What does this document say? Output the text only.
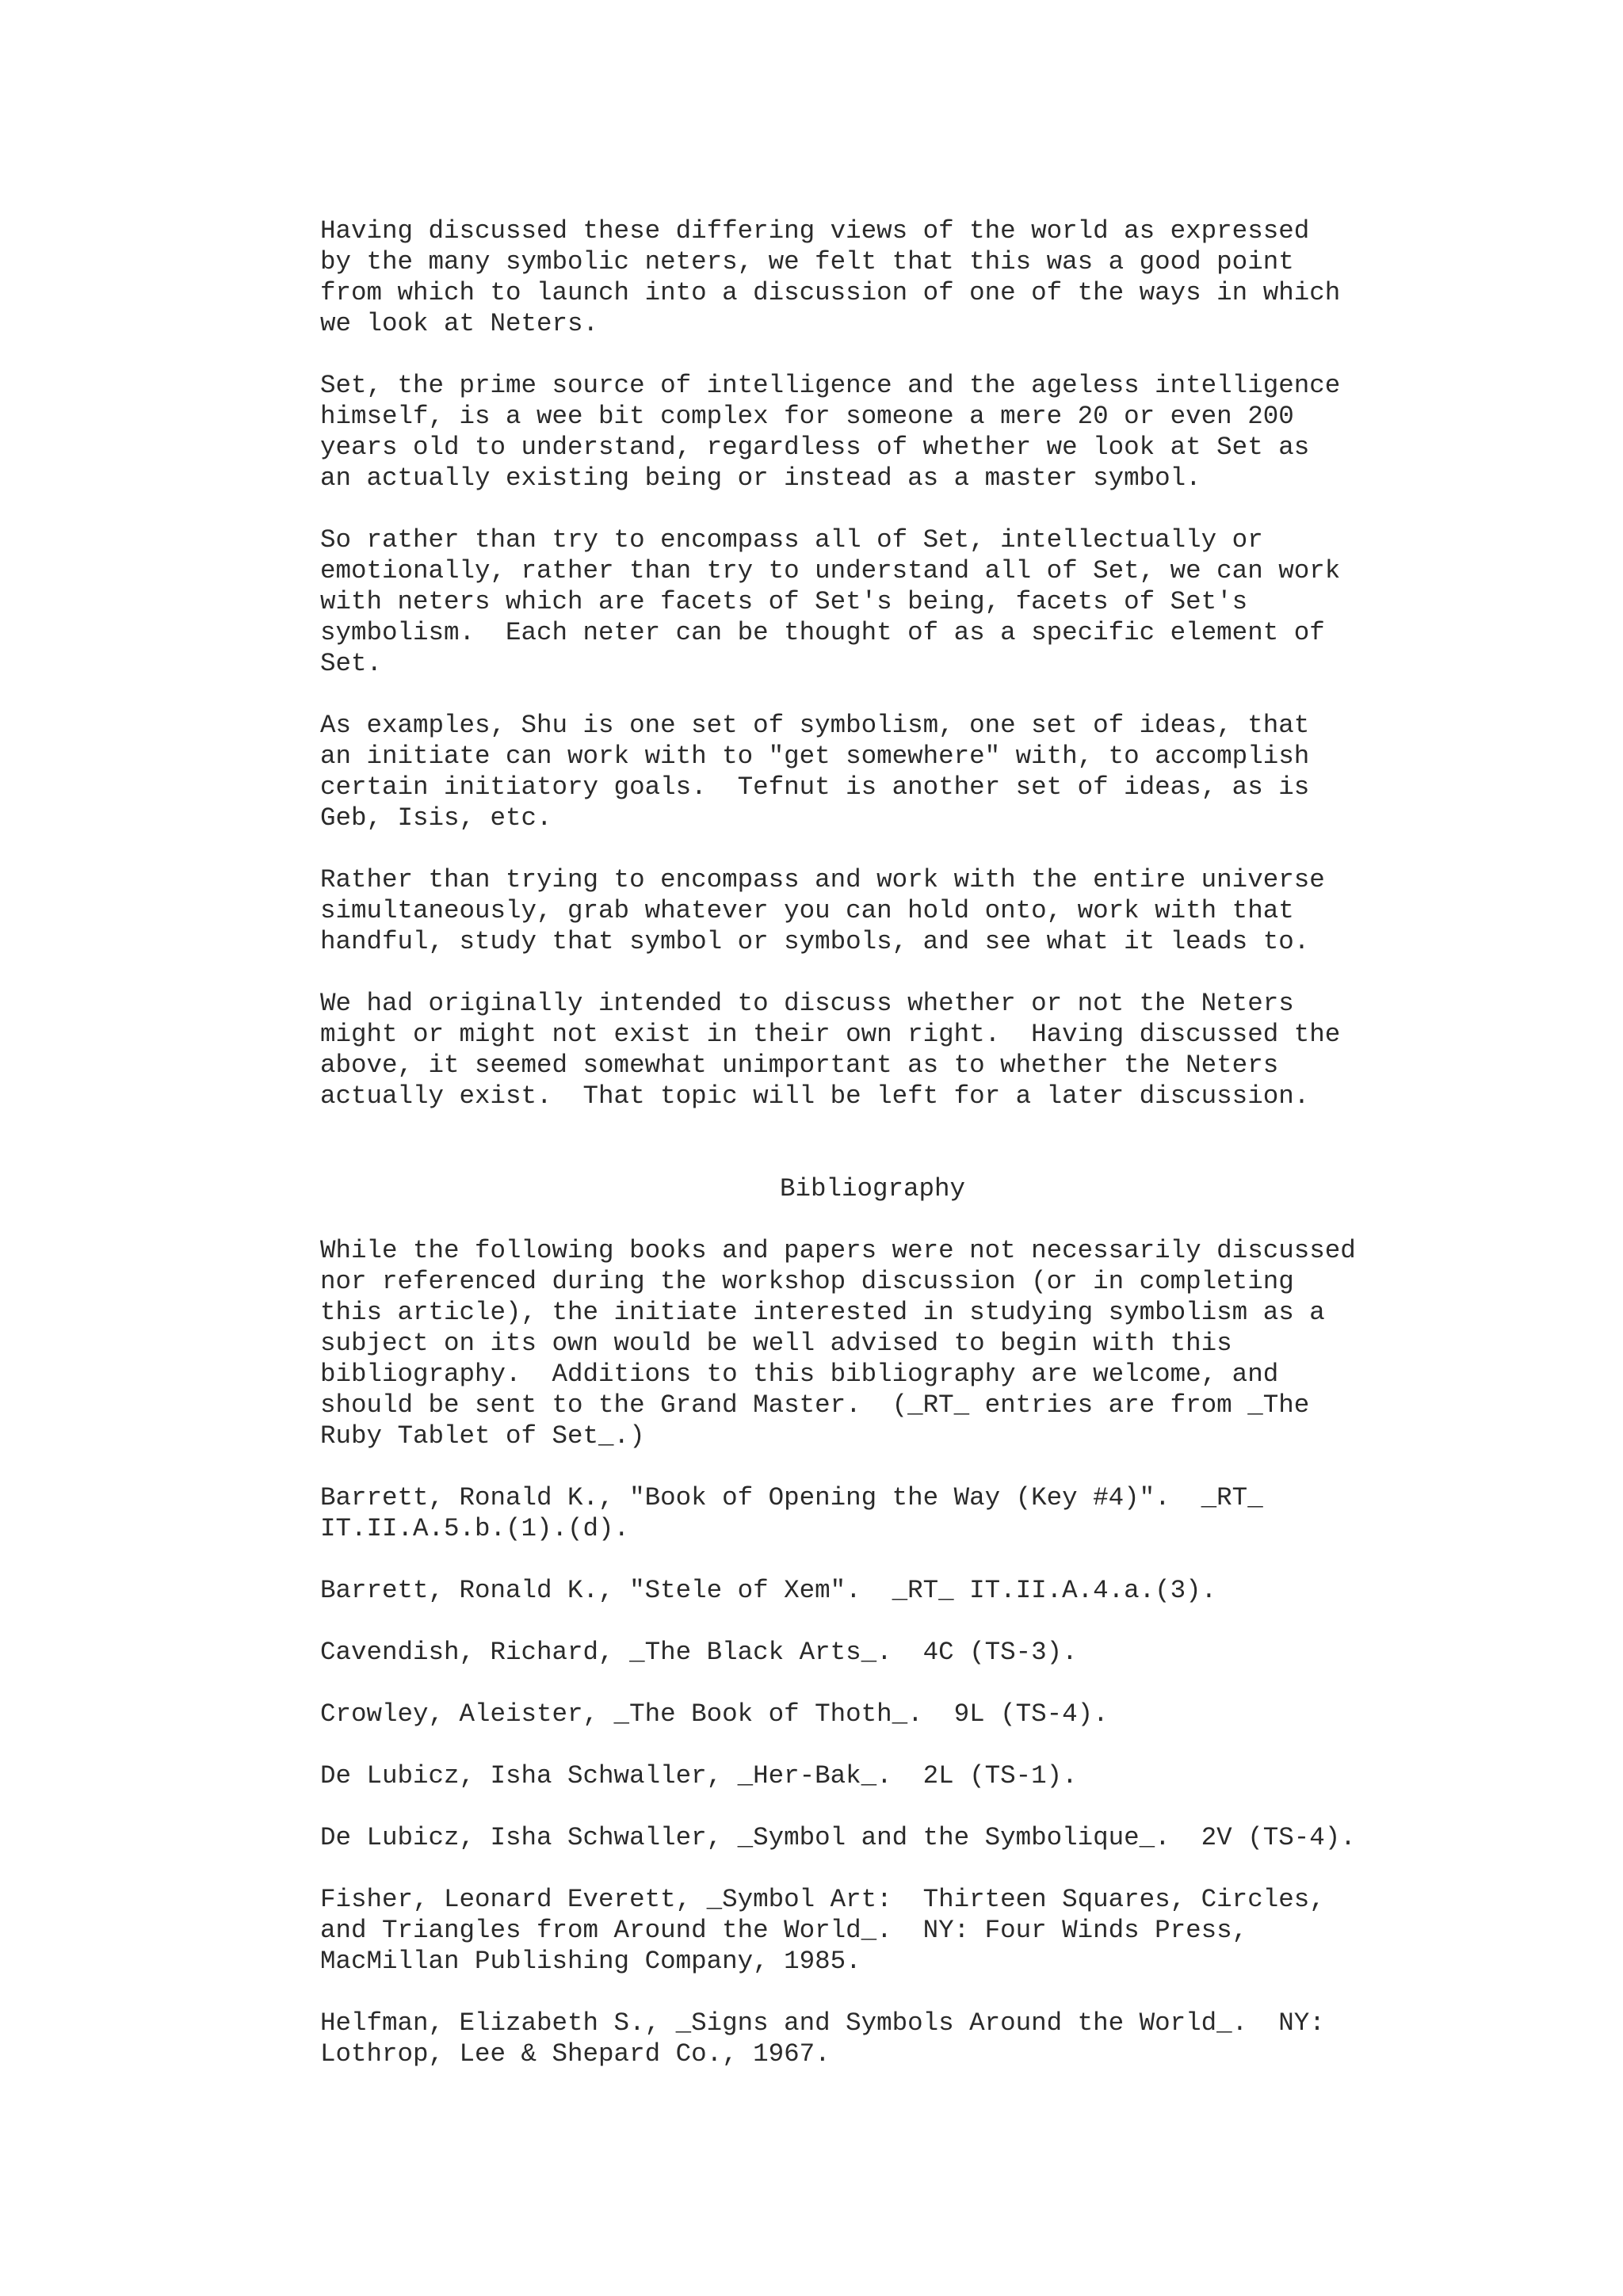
Having discussed these differing views of the world as expressed
by the many symbolic neters, we felt that this was a good point
from which to launch into a discussion of one of the ways in which
we look at Neters.
Set, the prime source of intelligence and the ageless intelligence
himself, is a wee bit complex for someone a mere 20 or even 200
years old to understand, regardless of whether we look at Set as
an actually existing being or instead as a master symbol.
So rather than try to encompass all of Set, intellectually or
emotionally, rather than try to understand all of Set, we can work
with neters which are facets of Set's being, facets of Set's
symbolism.  Each neter can be thought of as a specific element of
Set.
As examples, Shu is one set of symbolism, one set of ideas, that
an initiate can work with to "get somewhere" with, to accomplish
certain initiatory goals.  Tefnut is another set of ideas, as is
Geb, Isis, etc.
Rather than trying to encompass and work with the entire universe
simultaneously, grab whatever you can hold onto, work with that
handful, study that symbol or symbols, and see what it leads to.
We had originally intended to discuss whether or not the Neters
might or might not exist in their own right.  Having discussed the
above, it seemed somewhat unimportant as to whether the Neters
actually exist.  That topic will be left for a later discussion.
Bibliography
While the following books and papers were not necessarily discussed
nor referenced during the workshop discussion (or in completing
this article), the initiate interested in studying symbolism as a
subject on its own would be well advised to begin with this
bibliography.  Additions to this bibliography are welcome, and
should be sent to the Grand Master.  (_RT_ entries are from _The
Ruby Tablet of Set_.)
Barrett, Ronald K., "Book of Opening the Way (Key #4)".  _RT_
IT.II.A.5.b.(1).(d).
Barrett, Ronald K., "Stele of Xem".  _RT_ IT.II.A.4.a.(3).
Cavendish, Richard, _The Black Arts_.  4C (TS-3).
Crowley, Aleister, _The Book of Thoth_.  9L (TS-4).
De Lubicz, Isha Schwaller, _Her-Bak_.  2L (TS-1).
De Lubicz, Isha Schwaller, _Symbol and the Symbolique_.  2V (TS-4).
Fisher, Leonard Everett, _Symbol Art:  Thirteen Squares, Circles,
and Triangles from Around the World_.  NY: Four Winds Press,
MacMillan Publishing Company, 1985.
Helfman, Elizabeth S., _Signs and Symbols Around the World_.  NY:
Lothrop, Lee & Shepard Co., 1967.
